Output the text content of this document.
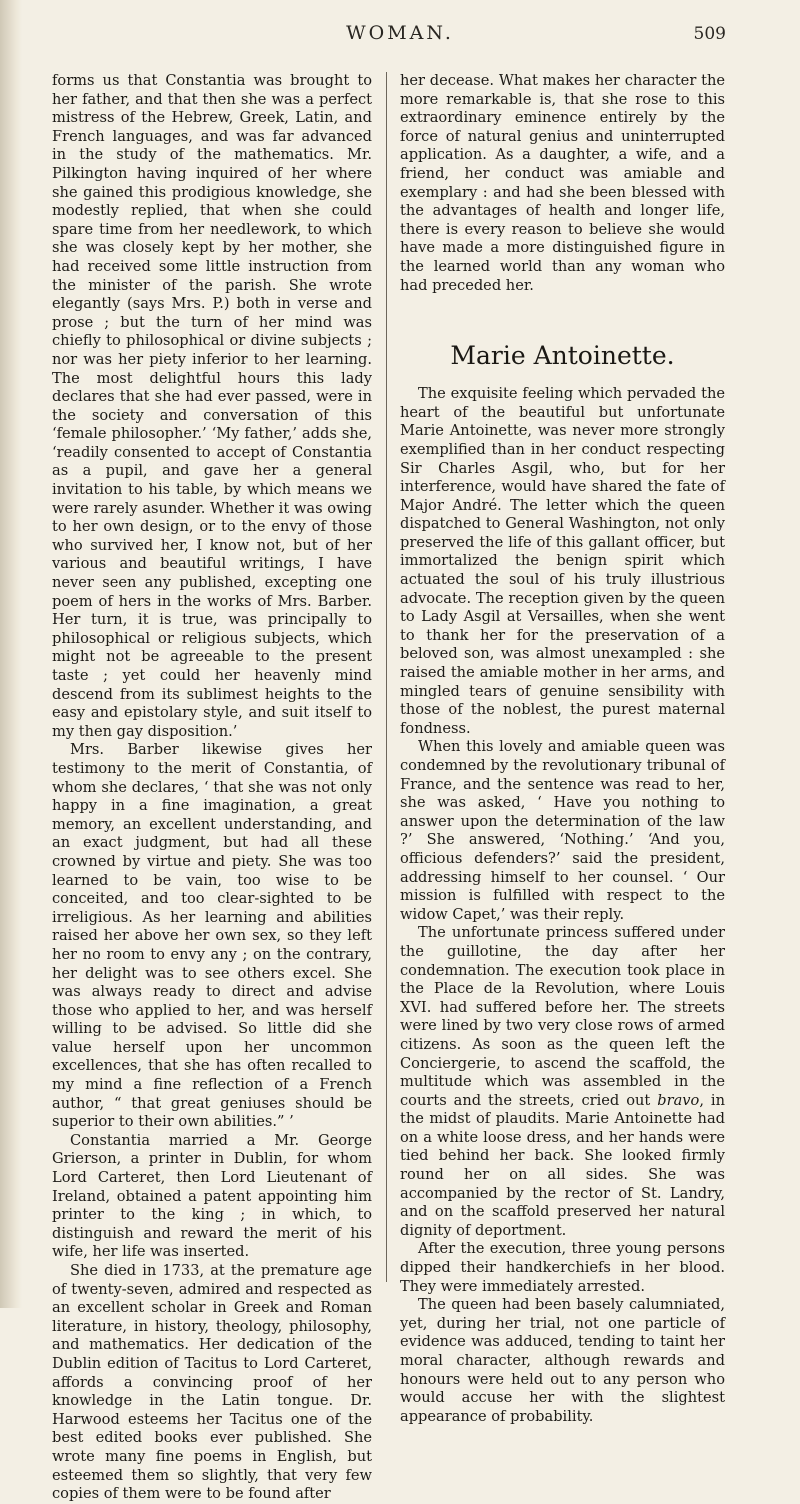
WOMAN.	509

forms us that Constantia was brought to her father, and that then she was a perfect mistress of the Hebrew, Greek, Latin, and French languages, and was far advanced in the study of the mathematics. Mr. Pilkington having inquired of her where she gained this prodigious knowledge, she modestly replied, that when she could spare time from her needlework, to which she was closely kept by her mother, she had received some little instruction from the minister of the parish. She wrote elegantly (says Mrs. P.) both in verse and prose ; but the turn of her mind was chiefly to philosophical or divine subjects ; nor was her piety inferior to her learning. The most delightful hours this lady declares that she had ever passed, were in the society and conversation of this ‘female philosopher.’ ‘My father,’ adds she, ‘readily consented to accept of Constantia as a pupil, and gave her a general invitation to his table, by which means we were rarely asunder. Whether it was owing to her own design, or to the envy of those who survived her, I know not, but of her various and beautiful writings, I have never seen any published, excepting one poem of hers in the works of Mrs. Barber. Her turn, it is true, was principally to philosophical or religious subjects, which might not be agreeable to the present taste ; yet could her heavenly mind descend from its sublimest heights to the easy and epistolary style, and suit itself to my then gay disposition.’

Mrs. Barber likewise gives her testimony to the merit of Constantia, of whom she declares, ‘ that she was not only happy in a fine imagination, a great memory, an excellent understanding, and an exact judgment, but had all these crowned by virtue and piety. She was too learned to be vain, too wise to be conceited, and too clear-sighted to be irreligious. As her learning and abilities raised her above her own sex, so they left her no room to envy any ; on the contrary, her delight was to see others excel. She was always ready to direct and advise those who applied to her, and was herself willing to be advised. So little did she value herself upon her uncommon excellences, that she has often recalled to my mind a fine reflection of a French author, “ that great geniuses should be superior to their own abilities.” ’

Constantia married a Mr. George Grierson, a printer in Dublin, for whom Lord Carteret, then Lord Lieutenant of Ireland, obtained a patent appointing him printer to the king ; in which, to distinguish and reward the merit of his wife, her life was inserted.

She died in 1733, at the premature age of twenty-seven, admired and respected as an excellent scholar in Greek and Roman literature, in history, theology, philosophy, and mathematics. Her dedication of the Dublin edition of Tacitus to Lord Carteret, affords a convincing proof of her knowledge in the Latin tongue. Dr. Harwood esteems her Tacitus one of the best edited books ever published. She wrote many fine poems in English, but esteemed them so slightly, that very few copies of them were to be found after

her decease. What makes her character the more remarkable is, that she rose to this extraordinary eminence entirely by the force of natural genius and uninterrupted application. As a daughter, a wife, and a friend, her conduct was amiable and exemplary : and had she been blessed with the advantages of health and longer life, there is every reason to believe she would have made a more distinguished figure in the learned world than any woman who had preceded her.

Marie Antoinette.

The exquisite feeling which pervaded the heart of the beautiful but unfortunate Marie Antoinette, was never more strongly exemplified than in her conduct respecting Sir Charles Asgil, who, but for her interference, would have shared the fate of Major André. The letter which the queen dispatched to General Washington, not only preserved the life of this gallant officer, but immortalized the benign spirit which actuated the soul of his truly illustrious advocate. The reception given by the queen to Lady Asgil at Versailles, when she went to thank her for the preservation of a beloved son, was almost unexampled : she raised the amiable mother in her arms, and mingled tears of genuine sensibility with those of the noblest, the purest maternal fondness.

When this lovely and amiable queen was condemned by the revolutionary tribunal of France, and the sentence was read to her, she was asked, ‘ Have you nothing to answer upon the determination of the law ?’ She answered, ‘Nothing.’ ‘And you, officious defenders?’ said the president, addressing himself to her counsel. ‘ Our mission is fulfilled with respect to the widow Capet,’ was their reply.

The unfortunate princess suffered under the guillotine, the day after her condemnation. The execution took place in the Place de la Revolution, where Louis XVI. had suffered before her. The streets were lined by two very close rows of armed citizens. As soon as the queen left the Conciergerie, to ascend the scaffold, the multitude which was assembled in the courts and the streets, cried out bravo, in the midst of plaudits. Marie Antoinette had on a white loose dress, and her hands were tied behind her back. She looked firmly round her on all sides. She was accompanied by the rector of St. Landry, and on the scaffold preserved her natural dignity of deportment.

After the execution, three young persons dipped their handkerchiefs in her blood. They were immediately arrested.

The queen had been basely calumniated, yet, during her trial, not one particle of evidence was adduced, tending to taint her moral character, although rewards and honours were held out to any person who would accuse her with the slightest appearance of probability.
